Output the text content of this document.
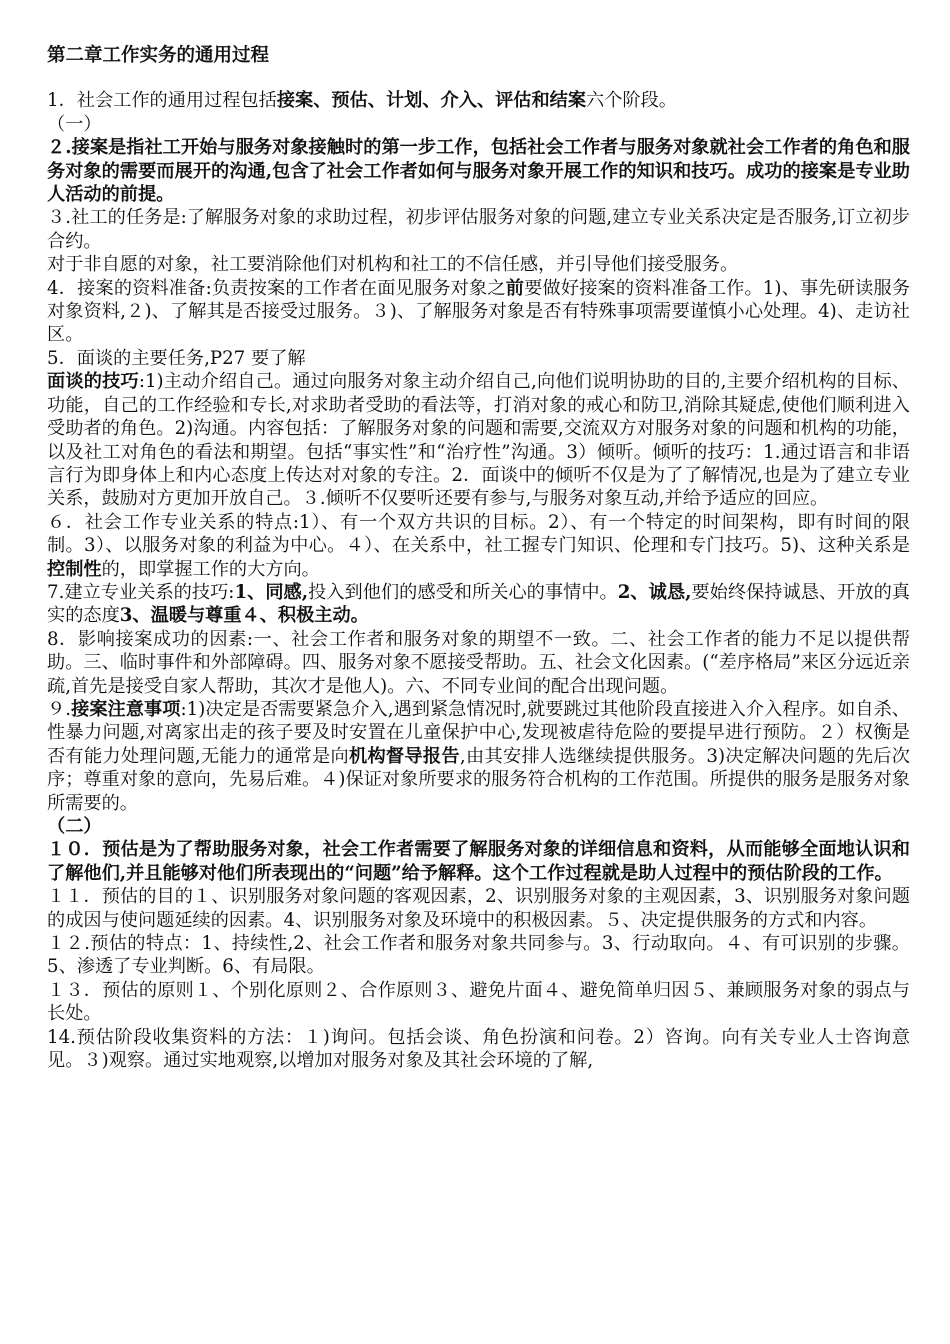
第二章工作实务的通用过程

1．社会工作的通用过程包括接案、预估、计划、介入、评估和结案六个阶段。

（一）

２.接案是指社工开始与服务对象接触时的第一步工作，包括社会工作者与服务对象就社会工作者的角色和服务对象的需要而展开的沟通,包含了社会工作者如何与服务对象开展工作的知识和技巧。成功的接案是专业助人活动的前提。

３.社工的任务是:了解服务对象的求助过程，初步评估服务对象的问题,建立专业关系决定是否服务,订立初步合约。

对于非自愿的对象，社工要消除他们对机构和社工的不信任感，并引导他们接受服务。

4．接案的资料准备:负责按案的工作者在面见服务对象之前要做好接案的资料准备工作。1)、事先研读服务对象资料,２)、了解其是否接受过服务。３)、了解服务对象是否有特殊事项需要谨慎小心处理。4)、走访社区。

5．面谈的主要任务,P27 要了解

面谈的技巧:1)主动介绍自己。通过向服务对象主动介绍自己,向他们说明协助的目的,主要介绍机构的目标、功能，自己的工作经验和专长,对求助者受助的看法等，打消对象的戒心和防卫,消除其疑虑,使他们顺利进入受助者的角色。2)沟通。内容包括：了解服务对象的问题和需要,交流双方对服务对象的问题和机构的功能，以及社工对角色的看法和期望。包括“事实性”和“治疗性”沟通。3）倾听。倾听的技巧：1.通过语言和非语言行为即身体上和内心态度上传达对对象的专注。2．面谈中的倾听不仅是为了了解情况,也是为了建立专业关系，鼓励对方更加开放自己。３.倾听不仅要听还要有参与,与服务对象互动,并给予适应的回应。

６．社会工作专业关系的特点:1）、有一个双方共识的目标。2）、有一个特定的时间架构，即有时间的限制。3）、以服务对象的利益为中心。４）、在关系中，社工握专门知识、伦理和专门技巧。5)、这种关系是控制性的，即掌握工作的大方向。

7.建立专业关系的技巧:1、同感,投入到他们的感受和所关心的事情中。2、诚恳,要始终保持诚恳、开放的真实的态度3、温暖与尊重４、积极主动。

8．影响接案成功的因素:一、社会工作者和服务对象的期望不一致。二、社会工作者的能力不足以提供帮助。三、临时事件和外部障碍。四、服务对象不愿接受帮助。五、社会文化因素。(“差序格局”来区分远近亲疏,首先是接受自家人帮助，其次才是他人)。六、不同专业间的配合出现问题。

９.接案注意事项:1)决定是否需要紧急介入,遇到紧急情况时,就要跳过其他阶段直接进入介入程序。如自杀、性暴力问题,对离家出走的孩子要及时安置在儿童保护中心,发现被虐待危险的要提早进行预防。２）权衡是否有能力处理问题,无能力的通常是向机构督导报告,由其安排人选继续提供服务。3)决定解决问题的先后次序；尊重对象的意向，先易后难。４)保证对象所要求的服务符合机构的工作范围。所提供的服务是服务对象所需要的。

（二）

１０．预估是为了帮助服务对象，社会工作者需要了解服务对象的详细信息和资料，从而能够全面地认识和了解他们,并且能够对他们所表现出的“问题”给予解释。这个工作过程就是助人过程中的预估阶段的工作。

１１．预估的目的１、识别服务对象问题的客观因素，2、识别服务对象的主观因素，3、识别服务对象问题的成因与使问题延续的因素。4、识别服务对象及环境中的积极因素。５、决定提供服务的方式和内容。

１２.预估的特点：1、持续性,2、社会工作者和服务对象共同参与。3、行动取向。４、有可识别的步骤。5、渗透了专业判断。6、有局限。

１３．预估的原则１、个别化原则２、合作原则３、避免片面４、避免简单归因５、兼顾服务对象的弱点与长处。

14.预估阶段收集资料的方法：１)询问。包括会谈、角色扮演和问卷。2）咨询。向有关专业人士咨询意见。３)观察。通过实地观察,以增加对服务对象及其社会环境的了解,
